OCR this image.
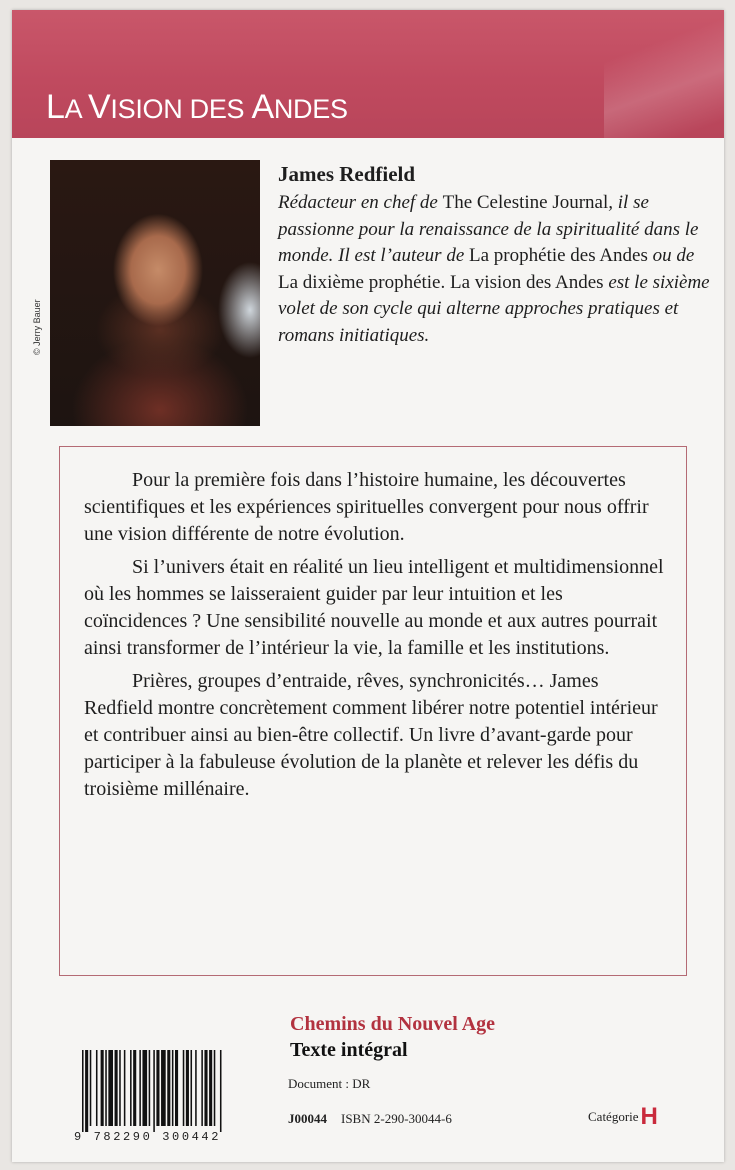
LA VISION DES ANDES
© Jerry Bauer
James Redfield
Rédacteur en chef de The Celestine Journal, il se passionne pour la renaissance de la spiritualité dans le monde. Il est l’auteur de La prophétie des Andes ou de La dixième prophétie. La vision des Andes est le sixième volet de son cycle qui alterne approches pratiques et romans initiatiques.

Pour la première fois dans l’histoire humaine, les découvertes scientifiques et les expériences spirituelles convergent pour nous offrir une vision différente de notre évolution.

Si l’univers était en réalité un lieu intelligent et multidimensionnel où les hommes se laisseraient guider par leur intuition et les coïncidences ? Une sensibilité nouvelle au monde et aux autres pourrait ainsi transformer de l’intérieur la vie, la famille et les institutions.

Prières, groupes d’entraide, rêves, synchronicités… James Redfield montre concrètement comment libérer notre potentiel intérieur et contribuer ainsi au bien-être collectif. Un livre d’avant-garde pour participer à la fabuleuse évolution de la planète et relever les défis du troisième millénaire.

9 782290 300442
Chemins du Nouvel Age
Texte intégral
Document : DR
J00044 ISBN 2-290-30044-6	CatégorieH
